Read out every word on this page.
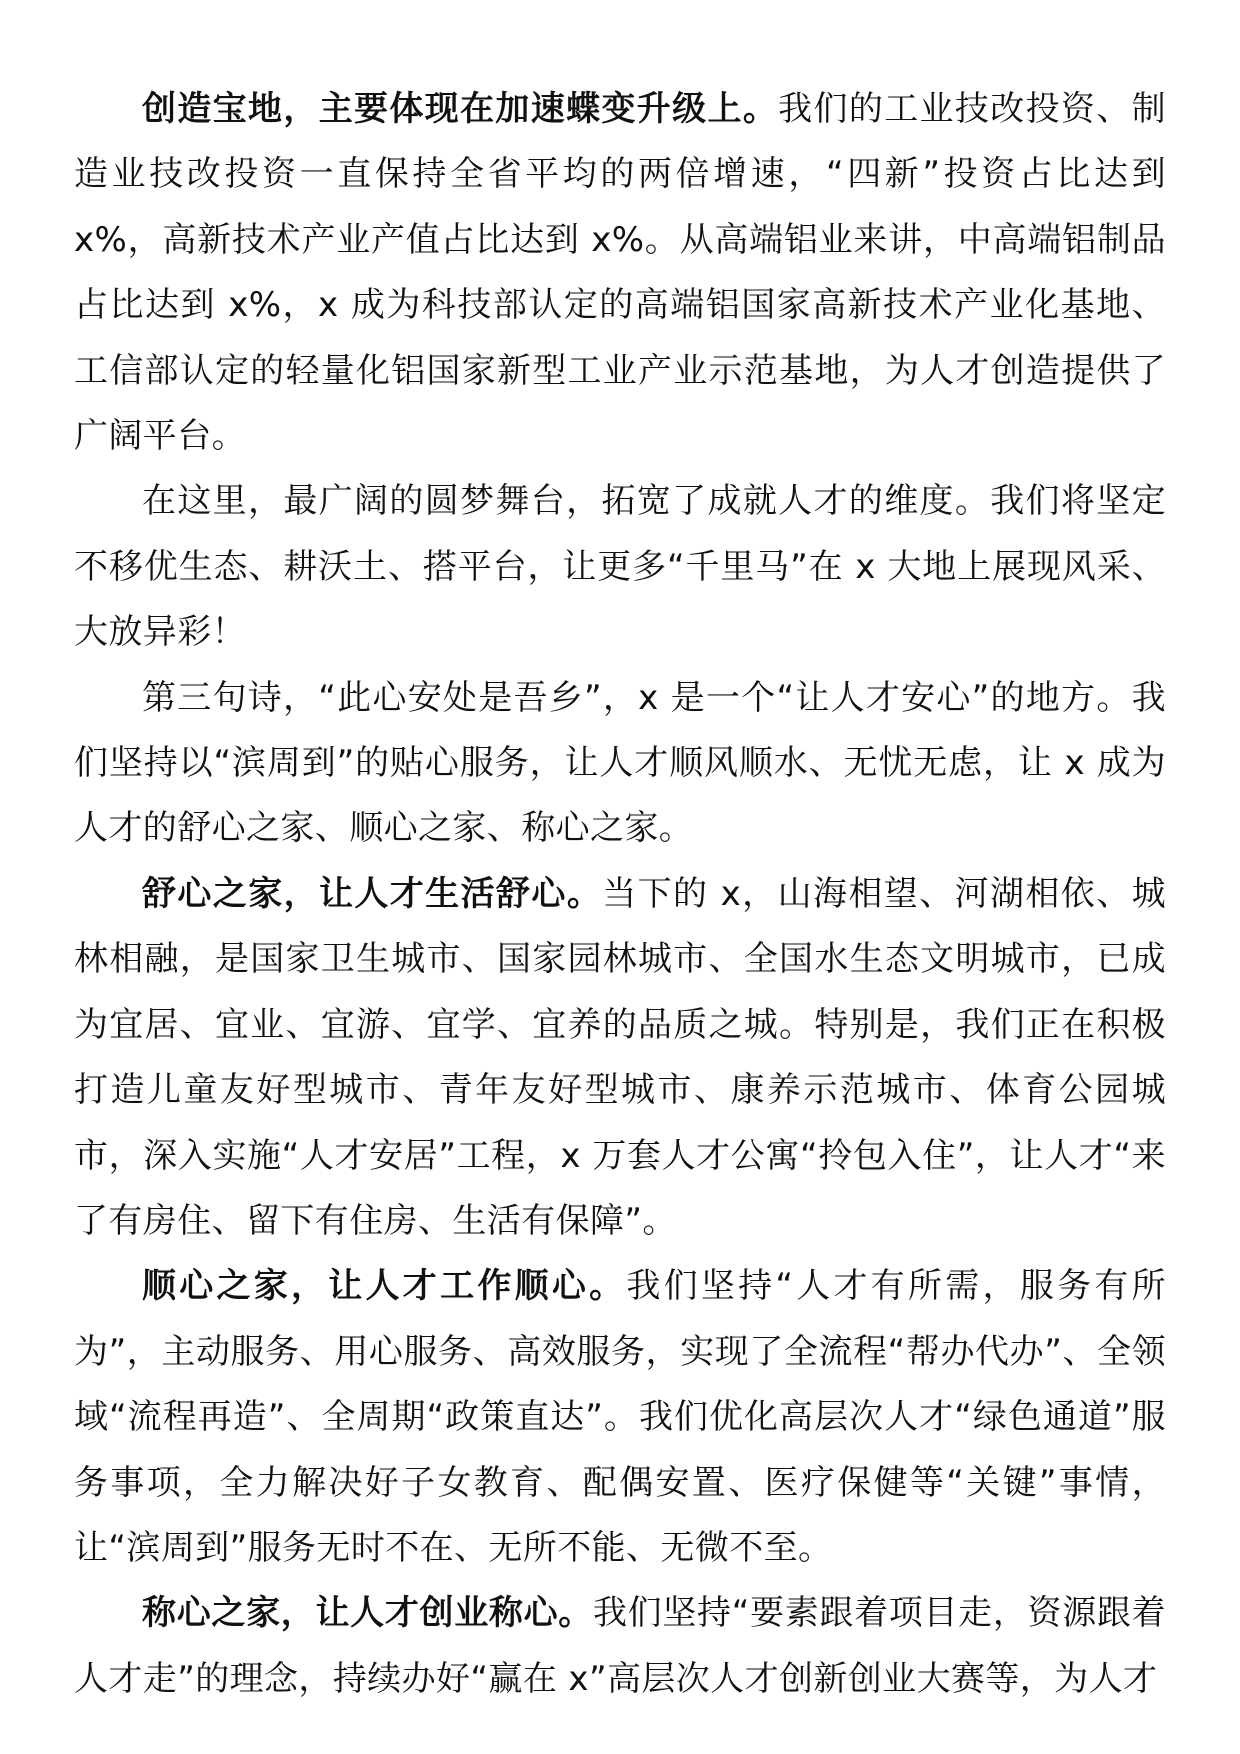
创造宝地，主要体现在加速蝶变升级上。我们的工业技改投资、制造业技改投资一直保持全省平均的两倍增速，“四新”投资占比达到 x%，高新技术产业产值占比达到 x%。从高端铝业来讲，中高端铝制品占比达到 x%，x 成为科技部认定的高端铝国家高新技术产业化基地、工信部认定的轻量化铝国家新型工业产业示范基地，为人才创造提供了广阔平台。

在这里，最广阔的圆梦舞台，拓宽了成就人才的维度。我们将坚定不移优生态、耕沃土、搭平台，让更多“千里马”在 x 大地上展现风采、大放异彩！

第三句诗，“此心安处是吾乡”，x 是一个“让人才安心”的地方。我们坚持以“滨周到”的贴心服务，让人才顺风顺水、无忧无虑，让 x 成为人才的舒心之家、顺心之家、称心之家。

舒心之家，让人才生活舒心。当下的 x，山海相望、河湖相依、城林相融，是国家卫生城市、国家园林城市、全国水生态文明城市，已成为宜居、宜业、宜游、宜学、宜养的品质之城。特别是，我们正在积极打造儿童友好型城市、青年友好型城市、康养示范城市、体育公园城市，深入实施“人才安居”工程，x 万套人才公寓“拎包入住”，让人才“来了有房住、留下有住房、生活有保障”。

顺心之家，让人才工作顺心。我们坚持“人才有所需，服务有所为”，主动服务、用心服务、高效服务，实现了全流程“帮办代办”、全领域“流程再造”、全周期“政策直达”。我们优化高层次人才“绿色通道”服务事项，全力解决好子女教育、配偶安置、医疗保健等“关键”事情，让“滨周到”服务无时不在、无所不能、无微不至。

称心之家，让人才创业称心。我们坚持“要素跟着项目走，资源跟着人才走”的理念，持续办好“赢在 x”高层次人才创新创业大赛等，为人才
